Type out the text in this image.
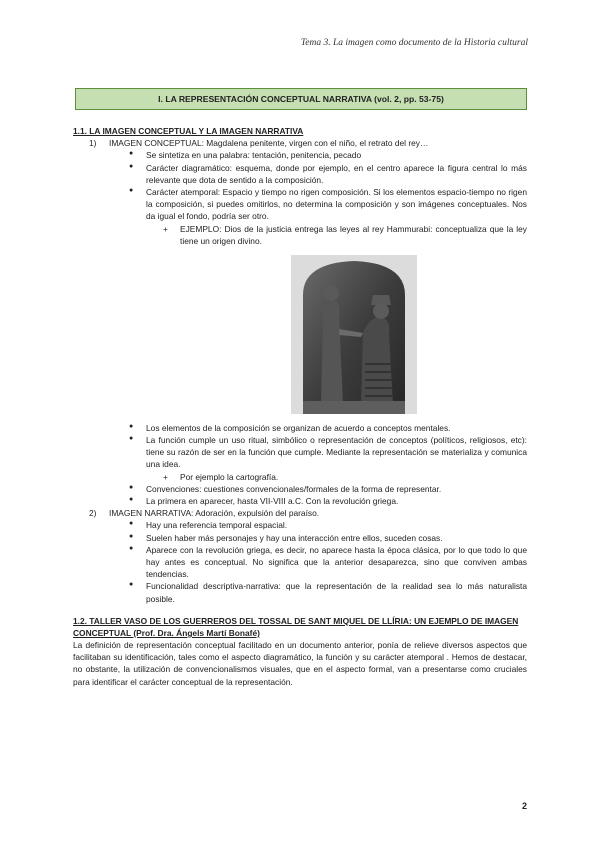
Tema 3. La imagen como documento de la Historia cultural
I. LA REPRESENTACIÓN CONCEPTUAL NARRATIVA (vol. 2, pp. 53-75)

1.1. LA IMAGEN CONCEPTUAL Y LA IMAGEN NARRATIVA

1) IMAGEN CONCEPTUAL: Magdalena penitente, virgen con el niño, el retrato del rey…

● Se sintetiza en una palabra: tentación, penitencia, pecado

● Carácter diagramático: esquema, donde por ejemplo, en el centro aparece la figura central lo más relevante que dota de sentido a la composición.

● Carácter atemporal: Espacio y tiempo no rigen composición. Si los elementos espacio-tiempo no rigen la composición, si puedes omitirlos, no determina la composición y son imágenes conceptuales. Nos da igual el fondo, podría ser otro.

+ EJEMPLO: Dios de la justicia entrega las leyes al rey Hammurabi: conceptualiza que la ley tiene un origen divino.

● Los elementos de la composición se organizan de acuerdo a conceptos mentales.

● La función cumple un uso ritual, simbólico o representación de conceptos (políticos, religiosos, etc): tiene su razón de ser en la función que cumple. Mediante la representación se materializa y comunica una idea.

+ Por ejemplo la cartografía.

● Convenciones: cuestiones convencionales/formales de la forma de representar.

● La primera en aparecer, hasta VII-VIII a.C. Con la revolución griega.

2) IMAGEN NARRATIVA: Adoración, expulsión del paraíso.

● Hay una referencia temporal espacial.

● Suelen haber más personajes y hay una interacción entre ellos, suceden cosas.

● Aparece con la revolución griega, es decir, no aparece hasta la época clásica, por lo que todo lo que hay antes es conceptual. No significa que la anterior desaparezca, sino que conviven ambas tendencias.

● Funcionalidad descriptiva-narrativa: que la representación de la realidad sea lo más naturalista posible.

1.2. TALLER VASO DE LOS GUERREROS DEL TOSSAL DE SANT MIQUEL DE LLÍRIA: UN EJEMPLO DE IMAGEN CONCEPTUAL (Prof. Dra. Ángels Martí Bonafé)

La definición de representación conceptual facilitado en un documento anterior, ponía de relieve diversos aspectos que facilitaban su identificación, tales como el aspecto diagramático, la función y su carácter atemporal . Hemos de destacar, no obstante, la utilización de convencionalismos visuales, que en el aspecto formal, van a presentarse como cruciales para identificar el carácter conceptual de la representación.

2
